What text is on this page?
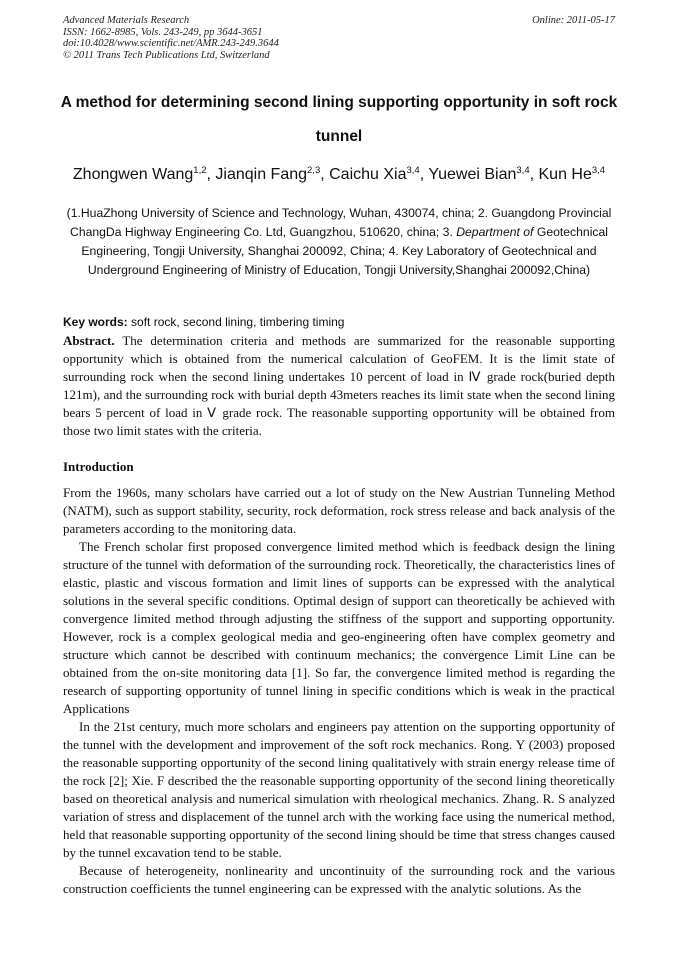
Advanced Materials Research
ISSN: 1662-8985, Vols. 243-249, pp 3644-3651
doi:10.4028/www.scientific.net/AMR.243-249.3644
© 2011 Trans Tech Publications Ltd, Switzerland
Online: 2011-05-17
A method for determining second lining supporting opportunity in soft rock tunnel
Zhongwen Wang$^{1,2}$, Jianqin Fang$^{2,3}$, Caichu Xia$^{3,4}$, Yuewei Bian$^{3,4}$, Kun He$^{3,4}$
(1.HuaZhong University of Science and Technology, Wuhan, 430074, china; 2. Guangdong Provincial ChangDa Highway Engineering Co. Ltd, Guangzhou, 510620, china; 3. Department of Geotechnical Engineering, Tongji University, Shanghai 200092, China; 4. Key Laboratory of Geotechnical and Underground Engineering of Ministry of Education, Tongji University,Shanghai 200092,China)
Key words: soft rock, second lining, timbering timing

Abstract. The determination criteria and methods are summarized for the reasonable supporting opportunity which is obtained from the numerical calculation of GeoFEM. It is the limit state of surrounding rock when the second lining undertakes 10 percent of load in Ⅳ grade rock(buried depth 121m), and the surrounding rock with burial depth 43meters reaches its limit state when the second lining bears 5 percent of load in Ⅴ grade rock. The reasonable supporting opportunity will be obtained from those two limit states with the criteria.

Introduction

From the 1960s, many scholars have carried out a lot of study on the New Austrian Tunneling Method (NATM), such as support stability, security, rock deformation, rock stress release and back analysis of the parameters according to the monitoring data.

The French scholar first proposed convergence limited method which is feedback design the lining structure of the tunnel with deformation of the surrounding rock. Theoretically, the characteristics lines of elastic, plastic and viscous formation and limit lines of supports can be expressed with the analytical solutions in the several specific conditions. Optimal design of support can theoretically be achieved with convergence limited method through adjusting the stiffness of the support and supporting opportunity. However, rock is a complex geological media and geo-engineering often have complex geometry and structure which cannot be described with continuum mechanics; the convergence Limit Line can be obtained from the on-site monitoring data [1]. So far, the convergence limited method is regarding the research of supporting opportunity of tunnel lining in specific conditions which is weak in the practical Applications

In the 21st century, much more scholars and engineers pay attention on the supporting opportunity of the tunnel with the development and improvement of the soft rock mechanics. Rong. Y (2003) proposed the reasonable supporting opportunity of the second lining qualitatively with strain energy release time of the rock [2]; Xie. F described the the reasonable supporting opportunity of the second lining theoretically based on theoretical analysis and numerical simulation with rheological mechanics. Zhang. R. S analyzed variation of stress and displacement of the tunnel arch with the working face using the numerical method, held that reasonable supporting opportunity of the second lining should be time that stress changes caused by the tunnel excavation tend to be stable.

Because of heterogeneity, nonlinearity and uncontinuity of the surrounding rock and the various construction coefficients the tunnel engineering can be expressed with the analytic solutions. As the
